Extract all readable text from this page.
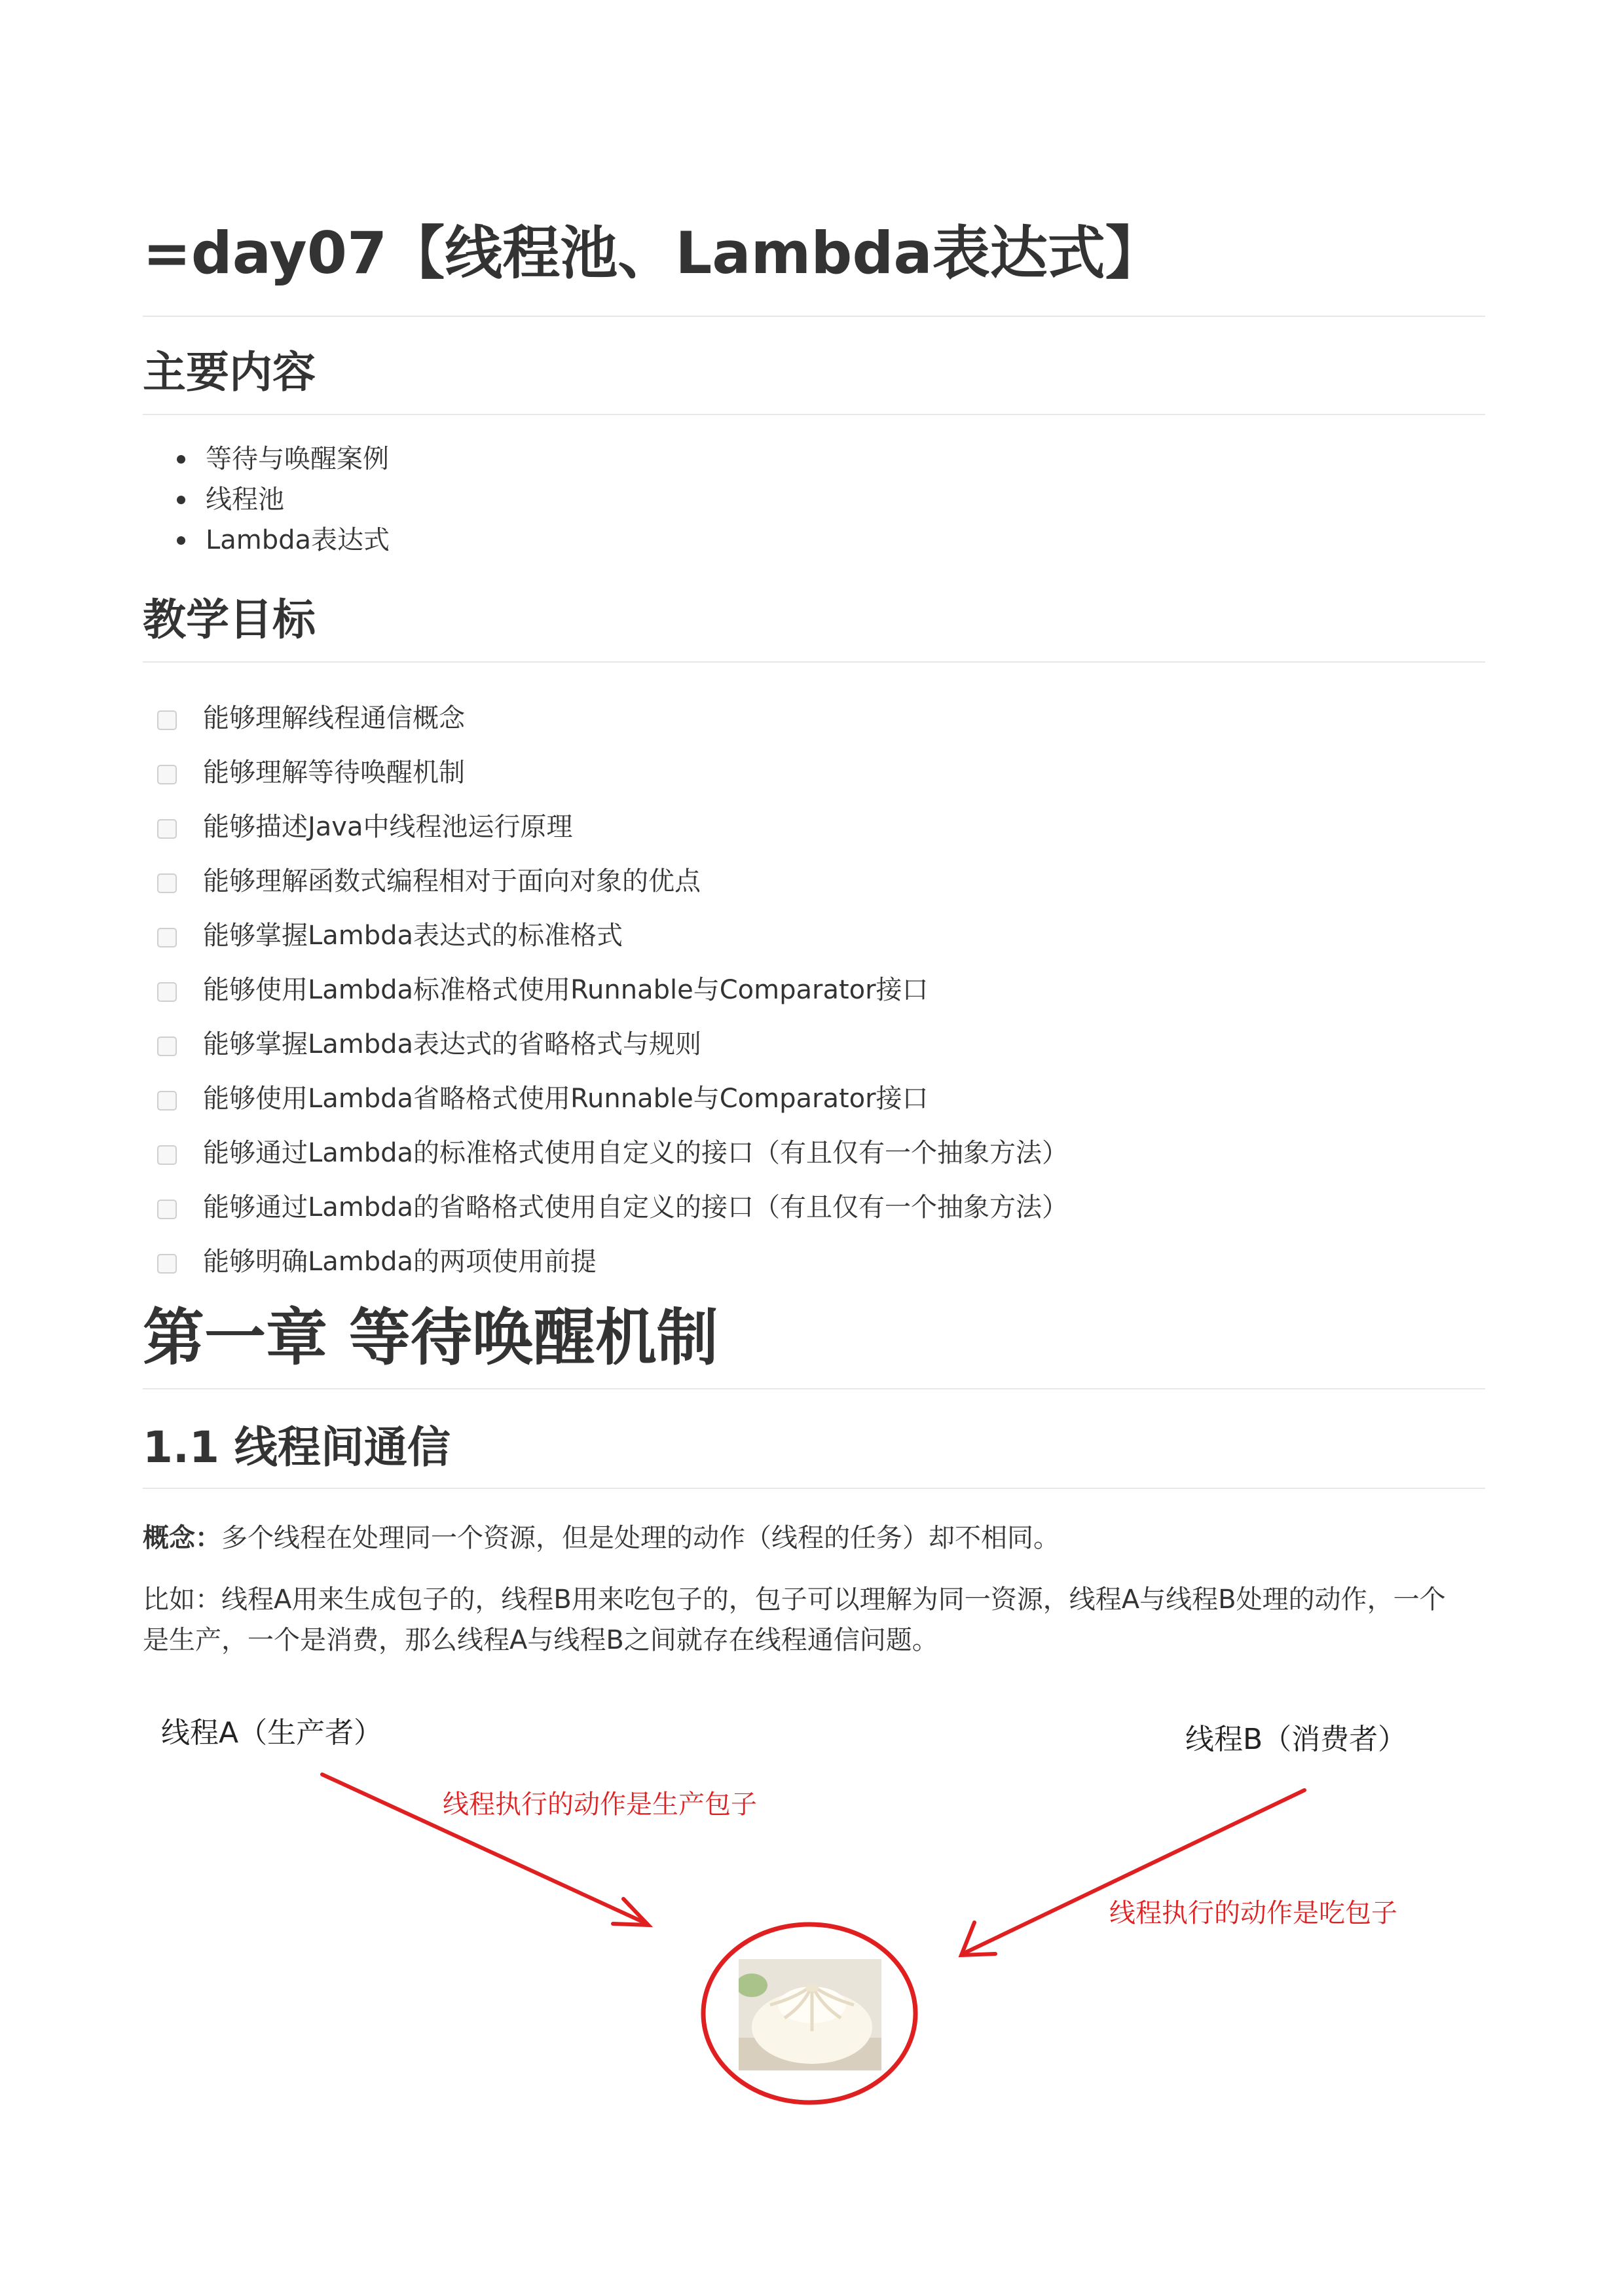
=day07【线程池、Lambda表达式】
主要内容
等待与唤醒案例
线程池
Lambda表达式
教学目标
能够理解线程通信概念
能够理解等待唤醒机制
能够描述Java中线程池运行原理
能够理解函数式编程相对于面向对象的优点
能够掌握Lambda表达式的标准格式
能够使用Lambda标准格式使用Runnable与Comparator接口
能够掌握Lambda表达式的省略格式与规则
能够使用Lambda省略格式使用Runnable与Comparator接口
能够通过Lambda的标准格式使用自定义的接口（有且仅有一个抽象方法）
能够通过Lambda的省略格式使用自定义的接口（有且仅有一个抽象方法）
能够明确Lambda的两项使用前提
第一章 等待唤醒机制
1.1 线程间通信

概念：多个线程在处理同一个资源，但是处理的动作（线程的任务）却不相同。

比如：线程A用来生成包子的，线程B用来吃包子的，包子可以理解为同一资源，线程A与线程B处理的动作，一个
是生产，一个是消费，那么线程A与线程B之间就存在线程通信问题。

线程A（生产者）	线程B（消费者）
线程执行的动作是生产包子
线程执行的动作是吃包子
